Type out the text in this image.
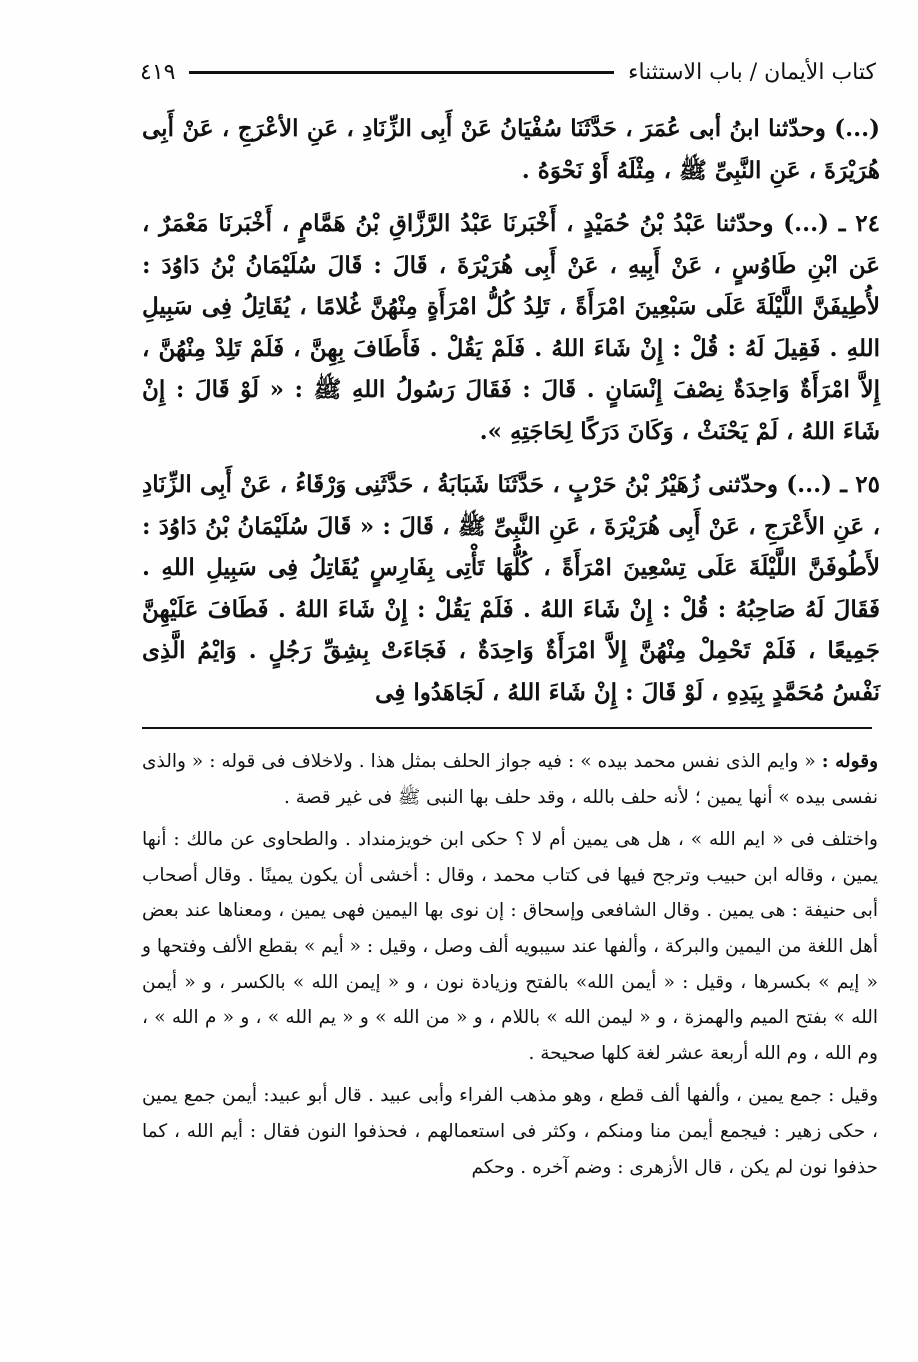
كتاب الأيمان / باب الاستثناء
٤١٩

(...) وحدّثنا ابنُ أبى عُمَرَ ، حَدَّثَنَا سُفْيَانُ عَنْ أَبِى الزِّنَادِ ، عَنِ الأعْرَجِ ، عَنْ أَبِى هُرَيْرَةَ ، عَنِ النَّبِىِّ ﷺ ، مِثْلَهُ أَوْ نَحْوَهُ .

٢٤ ـ (...) وحدّثنا عَبْدُ بْنُ حُمَيْدٍ ، أَخْبَرنَا عَبْدُ الرَّزَّاقِ بْنُ هَمَّامٍ ، أَخْبَرنَا مَعْمَرٌ ، عَن ابْنِ طَاوُسٍ ، عَنْ أَبِيهِ ، عَنْ أَبِى هُرَيْرَةَ ، قَالَ : قَالَ سُلَيْمَانُ بْنُ دَاوُدَ : لأُطِيفَنَّ اللَّيْلَةَ عَلَى سَبْعِينَ امْرَأَةً ، تَلِدُ كُلُّ امْرَأَةٍ مِنْهُنَّ غُلامًا ، يُقَاتِلُ فِى سَبِيلِ اللهِ . فَقِيلَ لَهُ : قُلْ : إِنْ شَاءَ اللهُ . فَلَمْ يَقُلْ . فَأَطَافَ بِهِنَّ ، فَلَمْ تَلِدْ مِنْهُنَّ ، إِلاَّ امْرَأَةٌ وَاحِدَةٌ نِصْفَ إِنْسَانٍ . قَالَ : فَقَالَ رَسُولُ اللهِ ﷺ : « لَوْ قَالَ : إِنْ شَاءَ اللهُ ، لَمْ يَحْنَثْ ، وَكَانَ دَرَكًا لِحَاجَتِهِ ».

٢٥ ـ (...) وحدّثنى زُهَيْرُ بْنُ حَرْبٍ ، حَدَّثَنَا شَبَابَةُ ، حَدَّثَنِى وَرْقَاءُ ، عَنْ أَبِى الزِّنَادِ ، عَنِ الأَعْرَجِ ، عَنْ أَبِى هُرَيْرَةَ ، عَنِ النَّبِىِّ ﷺ ، قَالَ : « قَالَ سُلَيْمَانُ بْنُ دَاوُدَ : لأَطُوفَنَّ اللَّيْلَةَ عَلَى تِسْعِينَ امْرَأَةً ، كُلُّهَا تَأْتِى بِفَارِسٍ يُقَاتِلُ فِى سَبِيلِ اللهِ . فَقَالَ لَهُ صَاحِبُهُ : قُلْ : إِنْ شَاءَ اللهُ . فَلَمْ يَقُلْ : إِنْ شَاءَ اللهُ . فَطَافَ عَلَيْهِنَّ جَمِيعًا ، فَلَمْ تَحْمِلْ مِنْهُنَّ إِلاَّ امْرَأَةٌ وَاحِدَةٌ ، فَجَاءَتْ بِشِقِّ رَجُلٍ . وَايْمُ الَّذِى نَفْسُ مُحَمَّدٍ بِيَدِهِ ، لَوْ قَالَ : إِنْ شَاءَ اللهُ ، لَجَاهَدُوا فِى

وقوله : « وايم الذى نفس محمد بيده » : فيه جواز الحلف بمثل هذا . ولاخلاف فى قوله : « والذى نفسى بيده » أنها يمين ؛ لأنه حلف بالله ، وقد حلف بها النبى ﷺ فى غير قصة .

واختلف فى « ايم الله » ، هل هى يمين أم لا ؟ حكى ابن خويزمنداد . والطحاوى عن مالك : أنها يمين ، وقاله ابن حبيب وترجح فيها فى كتاب محمد ، وقال : أخشى أن يكون يمينًا . وقال أصحاب أبى حنيفة : هى يمين . وقال الشافعى وإسحاق : إن نوى بها اليمين فهى يمين ، ومعناها عند بعض أهل اللغة من اليمين والبركة ، وألفها عند سيبويه ألف وصل ، وقيل : « أيم » بقطع الألف وفتحها و « إيم » بكسرها ، وقيل : « أيمن الله» بالفتح وزيادة نون ، و « إيمن الله » بالكسر ، و « أيمن الله » بفتح الميم والهمزة ، و « ليمن الله » باللام ، و « من الله » و « يم الله » ، و « م الله » ، وم الله ، وم الله أربعة عشر لغة كلها صحيحة .

وقيل : جمع يمين ، وألفها ألف قطع ، وهو مذهب الفراء وأبى عبيد . قال أبو عبيد: أيمن جمع يمين ، حكى زهير : فيجمع أيمن منا ومنكم ، وكثر فى استعمالهم ، فحذفوا النون فقال : أيم الله ، كما حذفوا نون لم يكن ، قال الأزهرى : وضم آخره . وحكم
